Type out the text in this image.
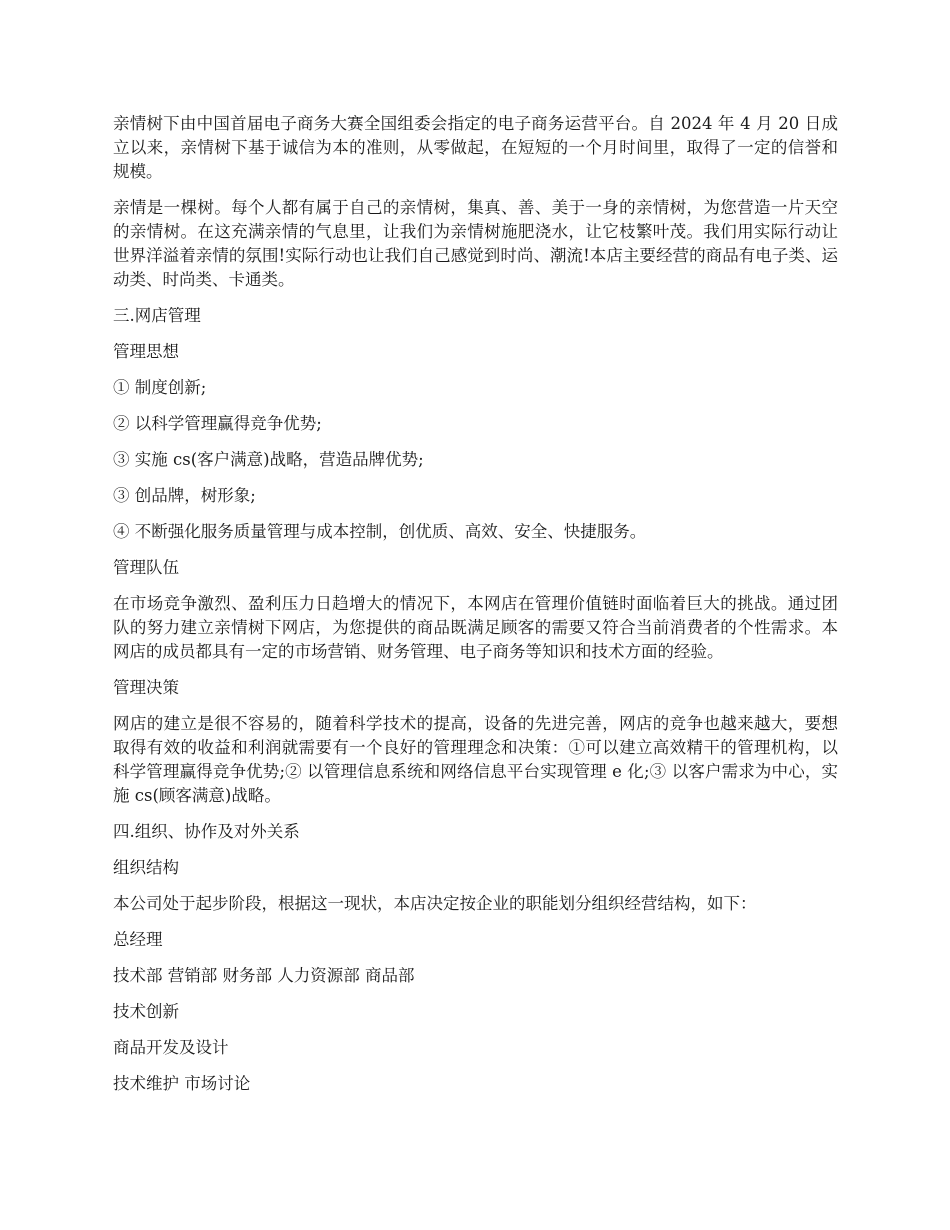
亲情树下由中国首届电子商务大赛全国组委会指定的电子商务运营平台。自 2024 年 4 月 20 日成立以来，亲情树下基于诚信为本的准则，从零做起，在短短的一个月时间里，取得了一定的信誉和规模。

亲情是一棵树。每个人都有属于自己的亲情树，集真、善、美于一身的亲情树，为您营造一片天空的亲情树。在这充满亲情的气息里，让我们为亲情树施肥浇水，让它枝繁叶茂。我们用实际行动让世界洋溢着亲情的氛围!实际行动也让我们自己感觉到时尚、潮流!本店主要经营的商品有电子类、运动类、时尚类、卡通类。

三.网店管理

管理思想

① 制度创新;

② 以科学管理赢得竞争优势;

③ 实施 cs(客户满意)战略，营造品牌优势;

③ 创品牌，树形象;

④ 不断强化服务质量管理与成本控制，创优质、高效、安全、快捷服务。

管理队伍

在市场竞争激烈、盈利压力日趋增大的情况下，本网店在管理价值链时面临着巨大的挑战。通过团队的努力建立亲情树下网店，为您提供的商品既满足顾客的需要又符合当前消费者的个性需求。本网店的成员都具有一定的市场营销、财务管理、电子商务等知识和技术方面的经验。

管理决策

网店的建立是很不容易的，随着科学技术的提高，设备的先进完善，网店的竞争也越来越大，要想取得有效的收益和利润就需要有一个良好的管理理念和决策：①可以建立高效精干的管理机构，以科学管理赢得竞争优势;② 以管理信息系统和网络信息平台实现管理 e 化;③ 以客户需求为中心，实施 cs(顾客满意)战略。

四.组织、协作及对外关系

组织结构

本公司处于起步阶段，根据这一现状，本店决定按企业的职能划分组织经营结构，如下：

总经理

技术部 营销部 财务部 人力资源部 商品部

技术创新

商品开发及设计

技术维护 市场讨论
